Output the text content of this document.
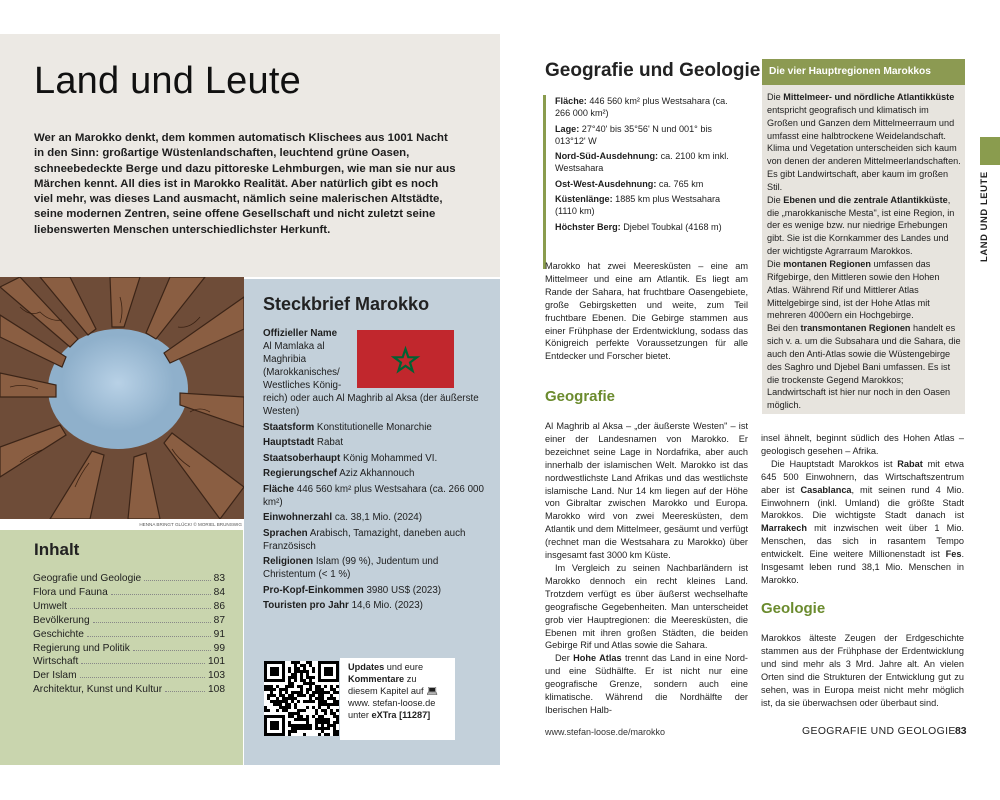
Land und Leute

Wer an Marokko denkt, dem kommen automatisch Klischees aus 1001 Nacht in den Sinn: großartige Wüstenlandschaften, leuchtend grüne Oasen, schneebedeckte Berge und dazu pittoreske Lehmburgen, wie man sie nur aus Märchen kennt. All dies ist in Marokko Realität. Aber natürlich gibt es noch viel mehr, was dieses Land ausmacht, nämlich seine malerischen Altstädte, seine modernen Zentren, seine offene Gesellschaft und nicht zuletzt seine liebenswerten Menschen unterschiedlichster Herkunft.

HENNA BRINGT GLÜCK! © MORIEL BRUNSWIG
Inhalt
Geografie und Geologie	83
Flora und Fauna	84
Umwelt	86
Bevölkerung	87
Geschichte	91
Regierung und Politik	99
Wirtschaft	101
Der Islam	103
Architektur, Kunst und Kultur	108
Steckbrief Marokko
Offizieller Name
Al Mamlaka al Maghribia (Marokkanisches/ Westliches König-
reich) oder auch Al Maghrib al Aksa (der äußerste Westen)
Staatsform Konstitutionelle Monarchie
Hauptstadt Rabat
Staatsoberhaupt König Mohammed VI.
Regierungschef Aziz Akhannouch
Fläche 446 560 km² plus Westsahara (ca. 266 000 km²)
Einwohnerzahl ca. 38,1 Mio. (2024)
Sprachen Arabisch, Tamazight, daneben auch Französisch
Religionen Islam (99 %), Judentum und Christentum (< 1 %)
Pro-Kopf-Einkommen 3980 US$ (2023)
Touristen pro Jahr 14,6 Mio. (2023)
Updates und eure Kommentare zu diesem Kapitel auf 💻︎ www. stefan-loose.de unter eXTra [11287]
Geografie und Geologie
Fläche: 446 560 km² plus Westsahara (ca. 266 000 km²)
Lage: 27°40' bis 35°56' N und 001° bis 013°12' W
Nord-Süd-Ausdehnung: ca. 2100 km inkl. Westsahara
Ost-West-Ausdehnung: ca. 765 km
Küstenlänge: 1885 km plus Westsahara (1110 km)
Höchster Berg: Djebel Toubkal (4168 m)

Marokko hat zwei Meeresküsten – eine am Mittelmeer und eine am Atlantik. Es liegt am Rande der Sahara, hat fruchtbare Oasengebiete, große Gebirgsketten und weite, zum Teil fruchtbare Ebenen. Die Gebirge stammen aus einer Frühphase der Erdentwicklung, sodass das Königreich perfekte Voraussetzungen für alle Entdecker und Forscher bietet.

Geografie

Al Maghrib al Aksa – „der äußerste Westen" – ist einer der Landesnamen von Marokko. Er bezeichnet seine Lage in Nordafrika, aber auch innerhalb der islamischen Welt. Marokko ist das nordwestlichste Land Afrikas und das westlichste islamische Land. Nur 14 km liegen auf der Höhe von Gibraltar zwischen Marokko und Europa. Marokko wird von zwei Meeresküsten, dem Atlantik und dem Mittelmeer, gesäumt und verfügt (rechnet man die Westsahara zu Marokko) über insgesamt fast 3000 km Küste.

Im Vergleich zu seinen Nachbarländern ist Marokko dennoch ein recht kleines Land. Trotzdem verfügt es über äußerst wechselhafte geografische Gegebenheiten. Man unterscheidet grob vier Hauptregionen: die Meeresküsten, die Ebenen mit ihren großen Städten, die beiden Gebirge Rif und Atlas sowie die Sahara.

Der Hohe Atlas trennt das Land in eine Nord- und eine Südhälfte. Er ist nicht nur eine geografische Grenze, sondern auch eine klimatische. Während die Nordhälfte der Iberischen Halb-

insel ähnelt, beginnt südlich des Hohen Atlas – geologisch gesehen – Afrika.

Die Hauptstadt Marokkos ist Rabat mit etwa 645 500 Einwohnern, das Wirtschaftszentrum aber ist Casablanca, mit seinen rund 4 Mio. Einwohnern (inkl. Umland) die größte Stadt Marokkos. Die wichtigste Stadt danach ist Marrakech mit inzwischen weit über 1 Mio. Menschen, das sich in rasantem Tempo entwickelt. Eine weitere Millionenstadt ist Fes. Insgesamt leben rund 38,1 Mio. Menschen in Marokko.

Geologie

Marokkos älteste Zeugen der Erdgeschichte stammen aus der Frühphase der Erdentwicklung und sind mehr als 3 Mrd. Jahre alt. An vielen Orten sind die Strukturen der Entwicklung gut zu sehen, was in Europa meist nicht mehr möglich ist, da sie überwachsen oder überbaut sind.

Die vier Hauptregionen Marokkos

Die Mittelmeer- und nördliche Atlantikküste entspricht geografisch und klimatisch im Großen und Ganzen dem Mittelmeerraum und umfasst eine halbtrockene Weidelandschaft. Klima und Vegetation unterscheiden sich kaum von denen der anderen Mittelmeerlandschaften. Es gibt Landwirtschaft, aber kaum im großen Stil.

Die Ebenen und die zentrale Atlantikküste, die „marokkanische Mesta", ist eine Region, in der es wenige bzw. nur niedrige Erhebungen gibt. Sie ist die Kornkammer des Landes und der wichtigste Agrarraum Marokkos.

Die montanen Regionen umfassen das Rifgebirge, den Mittleren sowie den Hohen Atlas. Während Rif und Mittlerer Atlas Mittelgebirge sind, ist der Hohe Atlas mit mehreren 4000ern ein Hochgebirge.

Bei den transmontanen Regionen handelt es sich v. a. um die Subsahara und die Sahara, die auch den Anti-Atlas sowie die Wüstengebirge des Saghro und Djebel Bani umfassen. Es ist die trockenste Gegend Marokkos; Landwirtschaft ist hier nur noch in den Oasen möglich.

LAND UND LEUTE
www.stefan-loose.de/marokko	GEOGRAFIE UND GEOLOGIE 83
